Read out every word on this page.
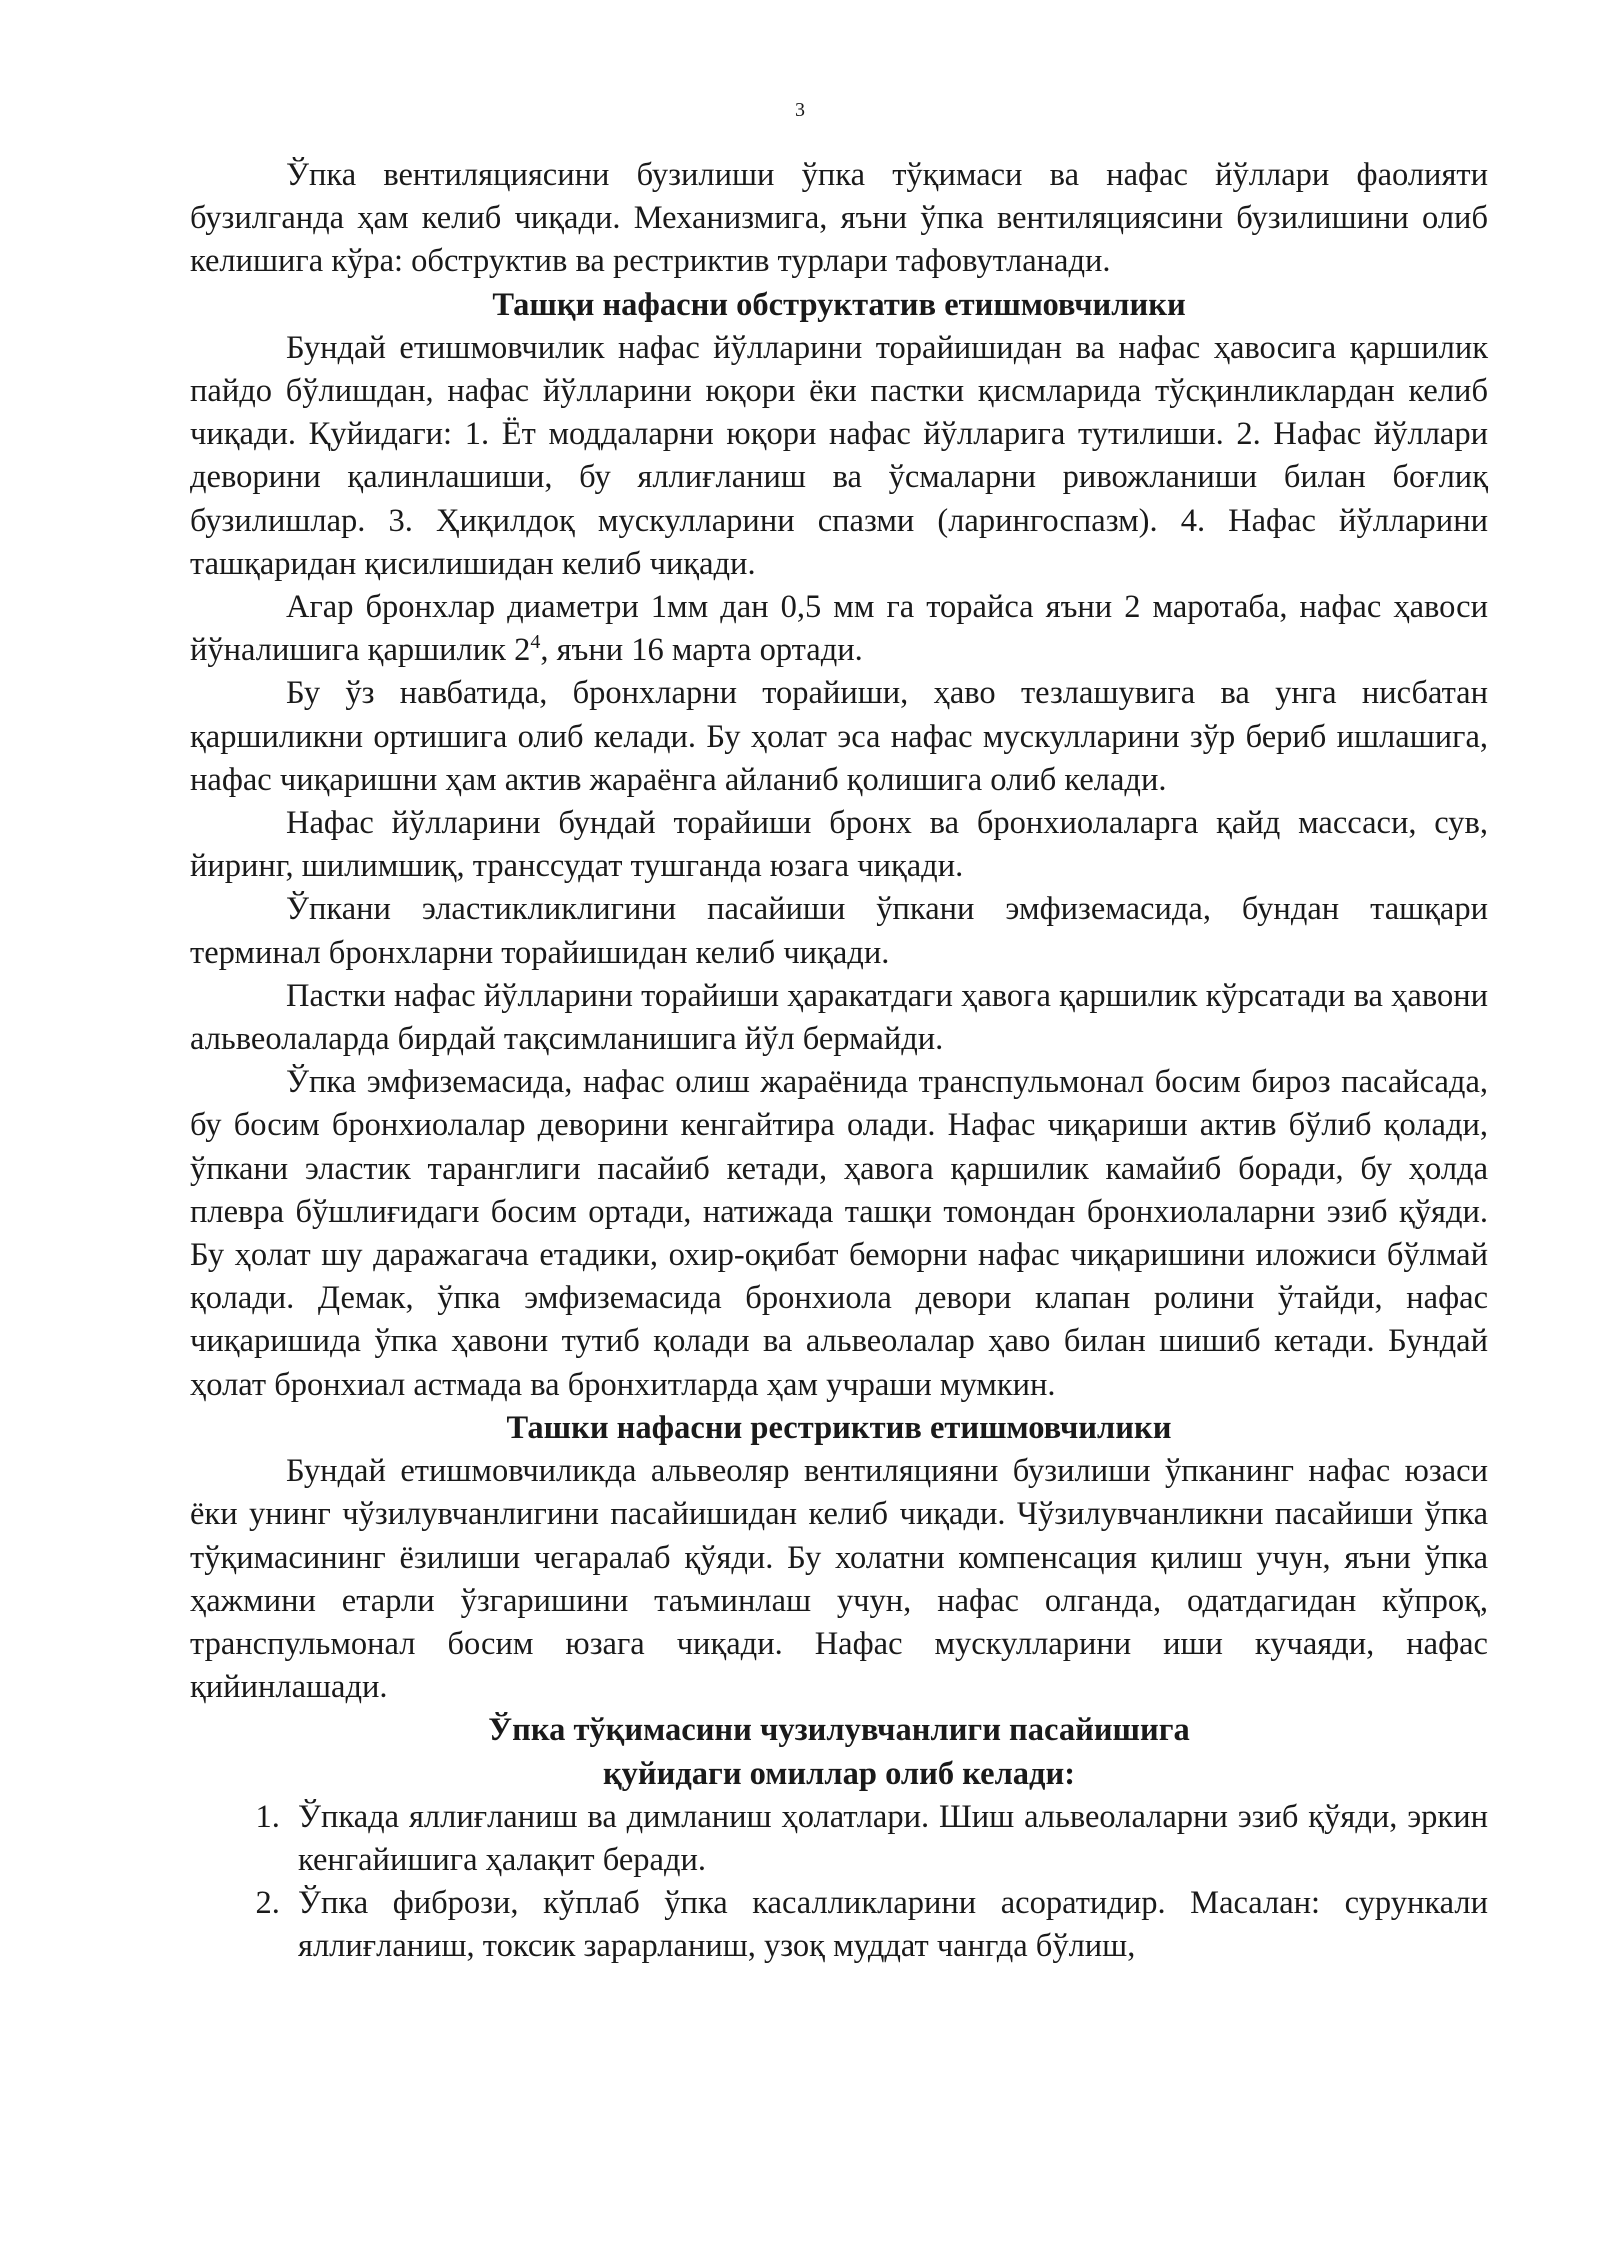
3

Ўпка вентиляциясини бузилиши ўпка тўқимаси ва нафас йўллари фаолияти бузилганда ҳам келиб чиқади. Механизмига, яъни ўпка вентиляциясини бузилишини олиб келишига кўра: обструктив ва рестриктив турлари тафовутланади.

Ташқи нафасни обструктатив етишмовчилики

Бундай етишмовчилик нафас йўлларини торайишидан ва нафас ҳавосига қаршилик пайдо бўлишдан, нафас йўлларини юқори ёки пастки қисмларида тўсқинликлардан келиб чиқади. Қуйидаги: 1. Ёт моддаларни юқори нафас йўлларига тутилиши. 2. Нафас йўллари деворини қалинлашиши, бу яллиғланиш ва ўсмаларни ривожланиши билан боғлиқ бузилишлар. 3. Ҳиқилдоқ мускулларини спазми (ларингоспазм). 4. Нафас йўлларини ташқаридан қисилишидан келиб чиқади.

Агар бронхлар диаметри 1мм дан 0,5 мм га торайса яъни 2 маротаба, нафас ҳавоси йўналишига қаршилик $2^4$, яъни 16 марта ортади.

Бу ўз навбатида, бронхларни торайиши, ҳаво тезлашувига ва унга нисбатан қаршиликни ортишига олиб келади. Бу ҳолат эса нафас мускулларини зўр бериб ишлашига, нафас чиқаришни ҳам актив жараёнга айланиб қолишига олиб келади.

Нафас йўлларини бундай торайиши бронх ва бронхиолаларга қайд массаси, сув, йиринг, шилимшиқ, транссудат тушганда юзага чиқади.

Ўпкани эластикликлигини пасайиши ўпкани эмфиземасида, бундан ташқари терминал бронхларни торайишидан келиб чиқади.

Пастки нафас йўлларини торайиши ҳаракатдаги ҳавога қаршилик кўрсатади ва ҳавони альвеолаларда бирдай тақсимланишига йўл бермайди.

Ўпка эмфиземасида, нафас олиш жараёнида транспульмонал босим бироз пасайсада, бу босим бронхиолалар деворини кенгайтира олади. Нафас чиқариши актив бўлиб қолади, ўпкани эластик таранглиги пасайиб кетади, ҳавога қаршилик камайиб боради, бу ҳолда плевра бўшлиғидаги босим ортади, натижада ташқи томондан бронхиолаларни эзиб қўяди. Бу ҳолат шу даражагача етадики, охир-оқибат беморни нафас чиқаришини иложиси бўлмай қолади. Демак, ўпка эмфиземасида бронхиола девори клапан ролини ўтайди, нафас чиқаришида ўпка ҳавони тутиб қолади ва альвеолалар ҳаво билан шишиб кетади. Бундай ҳолат бронхиал астмада ва бронхитларда ҳам учраши мумкин.

Ташки нафасни рестриктив етишмовчилики

Бундай етишмовчиликда альвеоляр вентиляцияни бузилиши ўпканинг нафас юзаси ёки унинг чўзилувчанлигини пасайишидан келиб чиқади. Чўзилувчанликни пасайиши ўпка тўқимасининг ёзилиши чегаралаб қўяди. Бу холатни компенсация қилиш учун, яъни ўпка ҳажмини етарли ўзгаришини таъминлаш учун, нафас олганда, одатдагидан кўпроқ, транспульмонал босим юзага чиқади. Нафас мускулларини иши кучаяди, нафас қийинлашади.

Ўпка тўқимасини чузилувчанлиги пасайишига
қуйидаги омиллар олиб келади:
1. Ўпкада яллиғланиш ва димланиш ҳолатлари. Шиш альвеолаларни эзиб қўяди, эркин кенгайишига ҳалақит беради.
2. Ўпка фибрози, кўплаб ўпка касалликларини асоратидир. Масалан: сурункали яллиғланиш, токсик зарарланиш, узоқ муддат чангда бўлиш,
